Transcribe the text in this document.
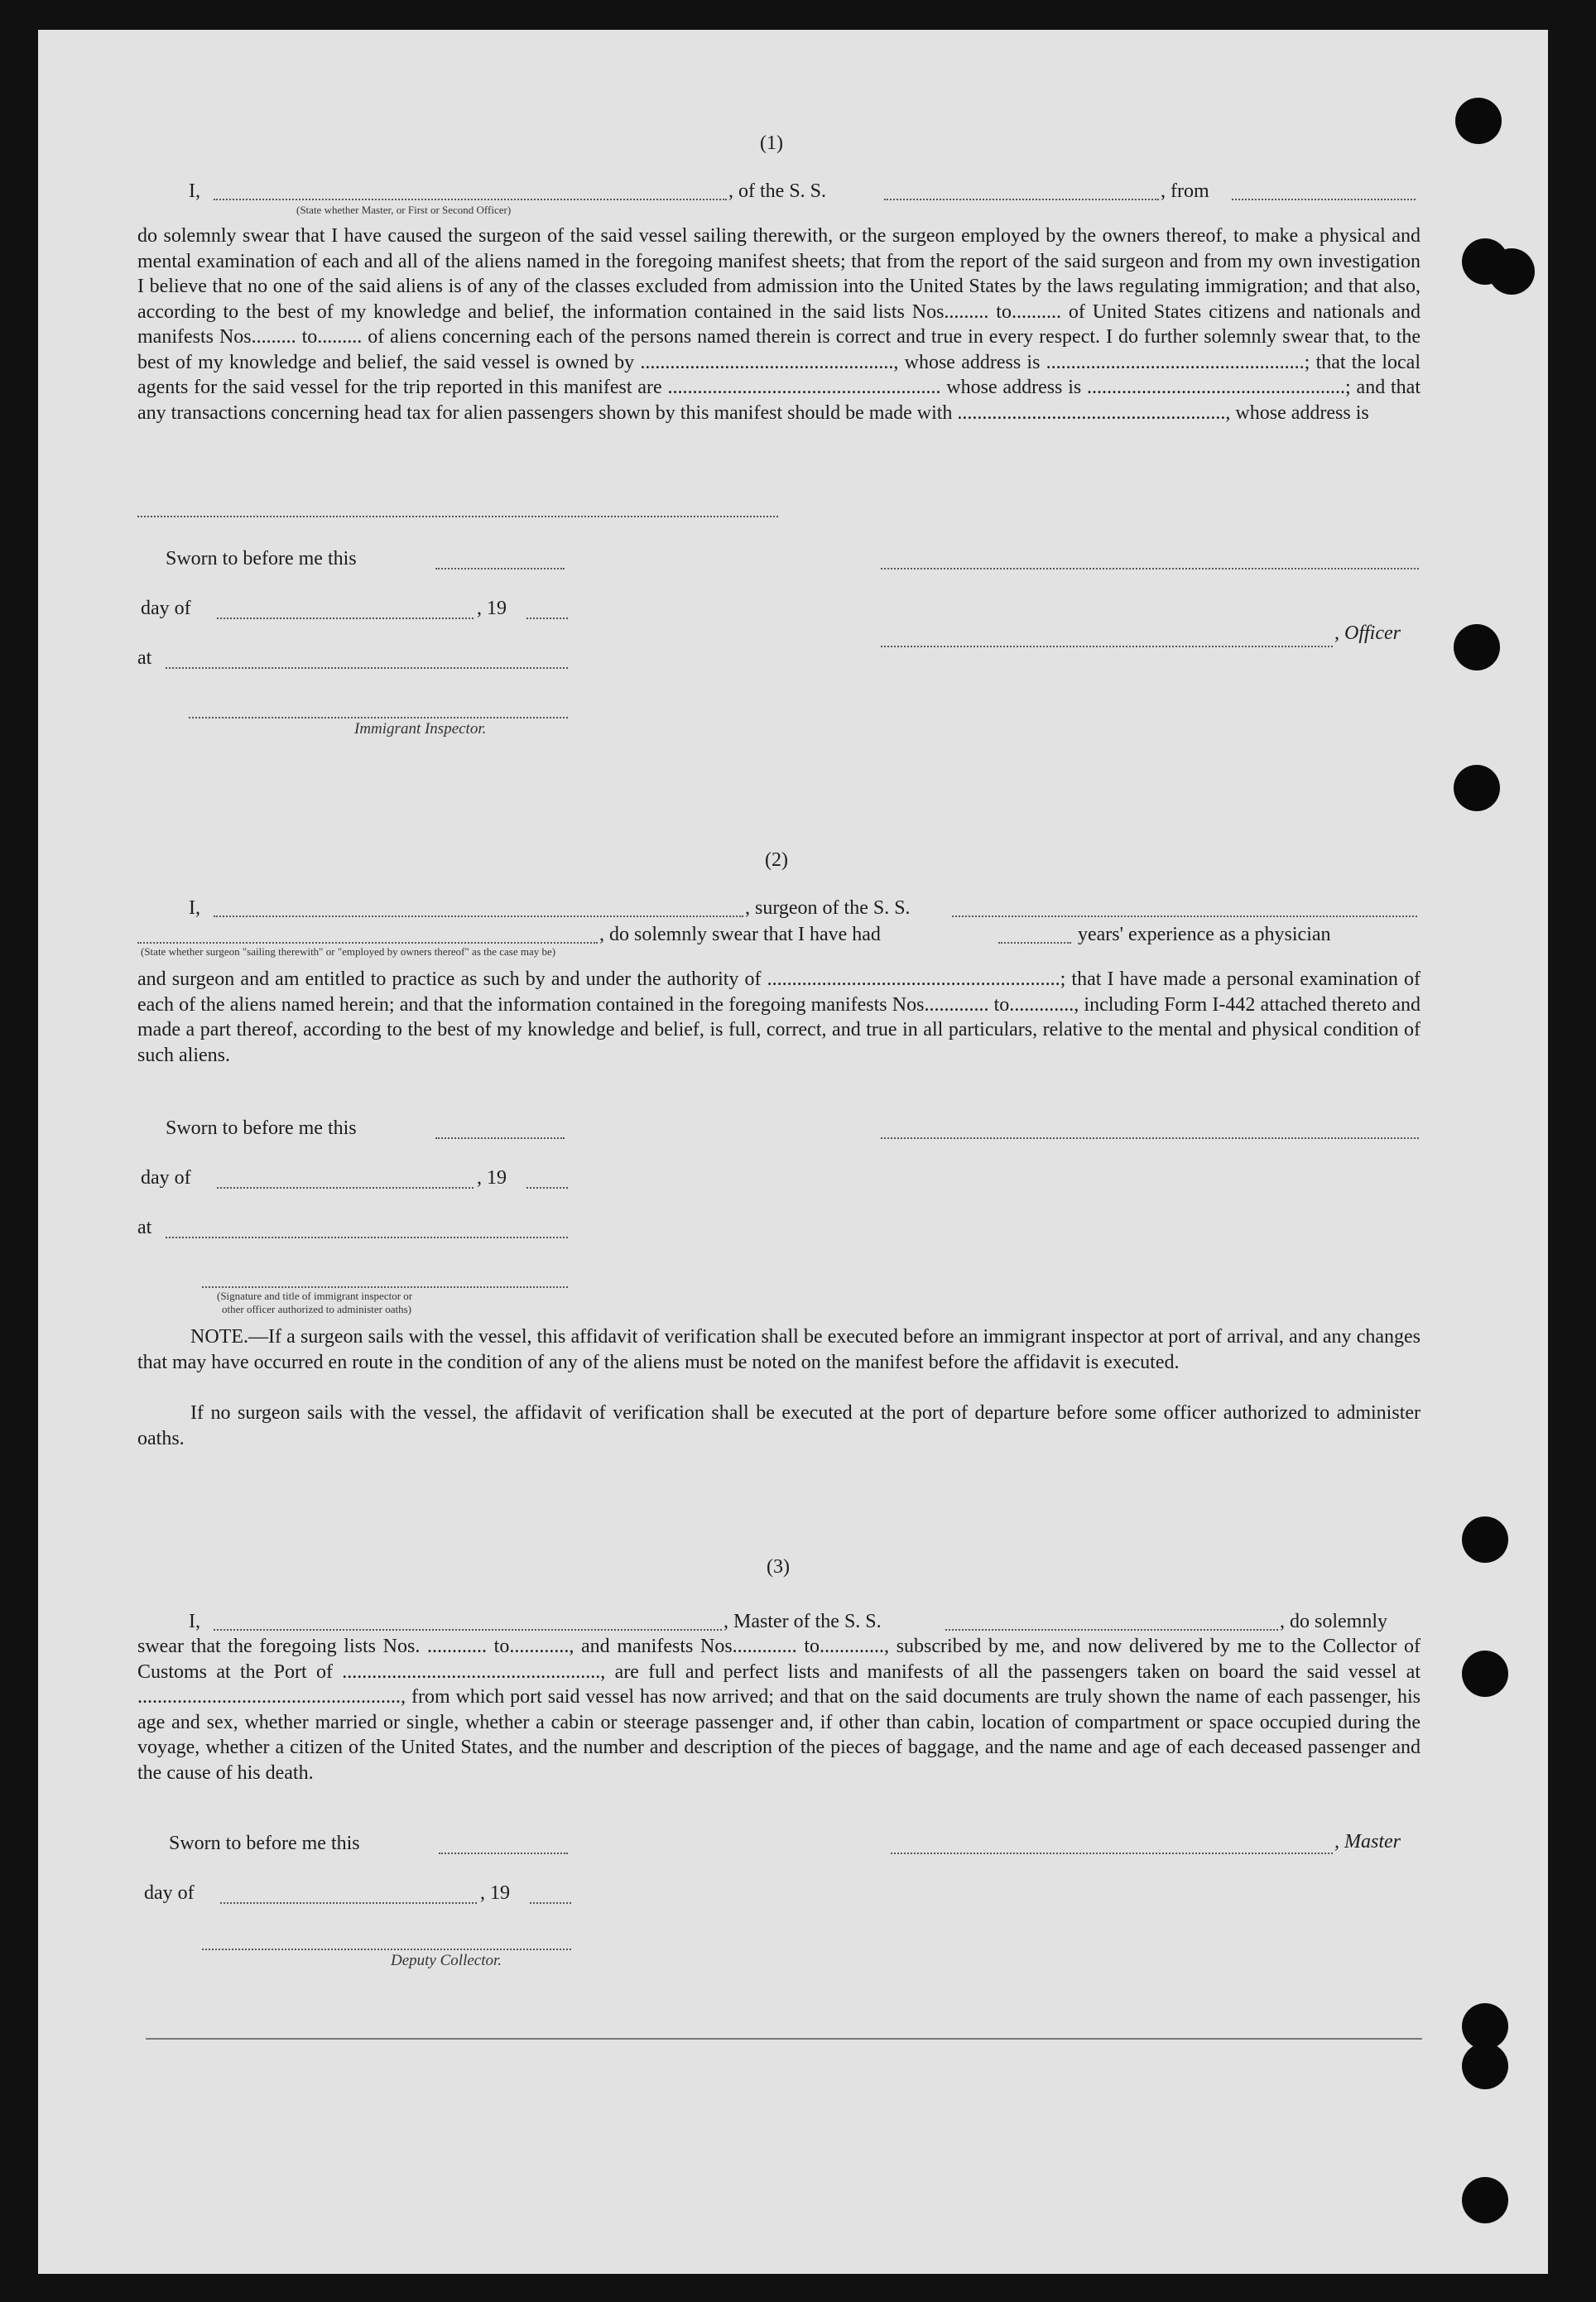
(1)
I,	, of the S. S.	, from
(State whether Master, or First or Second Officer)
do solemnly swear that I have caused the surgeon of the said vessel sailing therewith, or the surgeon employed by the owners thereof, to make a physical and mental examination of each and all of the aliens named in the foregoing manifest sheets; that from the report of the said surgeon and from my own investigation I believe that no one of the said aliens is of any of the classes excluded from admission into the United States by the laws regulating immigration; and that also, according to the best of my knowledge and belief, the information contained in the said lists Nos......... to.......... of United States citizens and nationals and manifests Nos......... to......... of aliens concerning each of the persons named therein is correct and true in every respect. I do further solemnly swear that, to the best of my knowledge and belief, the said vessel is owned by ..................................................., whose address is ....................................................; that the local agents for the said vessel for the trip reported in this manifest are ....................................................... whose address is ....................................................; and that any transactions concerning head tax for alien passengers shown by this manifest should be made with ......................................................, whose address is
Sworn to before me this
day of	, 19
, Officer
at
Immigrant Inspector.
(2)
I,	, surgeon of the S. S.
, do solemnly swear that I have had	years' experience as a physician
(State whether surgeon "sailing therewith" or "employed by owners thereof" as the case may be)
and surgeon and am entitled to practice as such by and under the authority of ...........................................................; that I have made a personal examination of each of the aliens named herein; and that the information contained in the foregoing manifests Nos............. to............., including Form I-442 attached thereto and made a part thereof, according to the best of my knowledge and belief, is full, correct, and true in all particulars, relative to the mental and physical condition of such aliens.
Sworn to before me this
day of	, 19
at
(Signature and title of immigrant inspector or
other officer authorized to administer oaths)
NOTE.—If a surgeon sails with the vessel, this affidavit of verification shall be executed before an immigrant inspector at port of arrival, and any changes that may have occurred en route in the condition of any of the aliens must be noted on the manifest before the affidavit is executed.
If no surgeon sails with the vessel, the affidavit of verification shall be executed at the port of departure before some officer authorized to administer oaths.
(3)
I,	, Master of the S. S.	, do solemnly
swear that the foregoing lists Nos. ............ to............, and manifests Nos............. to............., subscribed by me, and now delivered by me to the Collector of Customs at the Port of ...................................................., are full and perfect lists and manifests of all the passengers taken on board the said vessel at ....................................................., from which port said vessel has now arrived; and that on the said documents are truly shown the name of each passenger, his age and sex, whether married or single, whether a cabin or steerage passenger and, if other than cabin, location of compartment or space occupied during the voyage, whether a citizen of the United States, and the number and description of the pieces of baggage, and the name and age of each deceased passenger and the cause of his death.
Sworn to before me this	, Master
day of	, 19
Deputy Collector.
